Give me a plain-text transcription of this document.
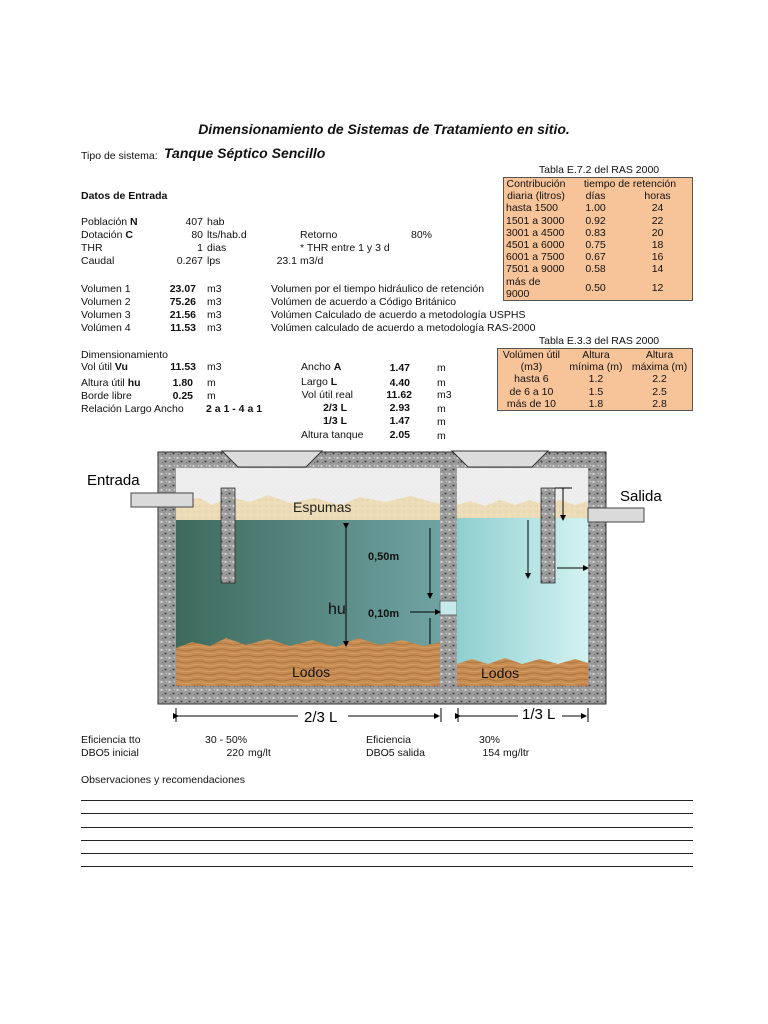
Dimensionamiento de Sistemas de Tratamiento en sitio.
Tipo de sistema: Tanque Séptico Sencillo
Datos de Entrada
Población N	407 hab
Dotación C	80 lts/hab.d	Retorno	80%
THR	1 dias	* THR entre 1 y 3 d
Caudal	0.267 lps	23.1 m3/d
Volumen 1	23.07 m3	Volumen por el tiempo hidráulico de retención
Volumen 2	75.26 m3	Volúmen de acuerdo a Código Británico
Volumen 3	21.56 m3	Volúmen Calculado de acuerdo a metodología USPHS
Volúmen 4	11.53 m3	Volúmen calculado de acuerdo a metodología RAS-2000
Dimensionamiento
Vol útil Vu	11.53 m3
Altura útil hu	1.80 m
Borde libre	0.25 m
Relación Largo Ancho 2 a 1 - 4 a 1
Ancho A	1.47	m
Largo L	4.40	m
Vol útil real	11.62 m3
2/3 L	2.93	m
1/3 L	1.47	m
Altura tanque	2.05	m
Tabla E.7.2 del RAS 2000
Contribución	tiempo de retención	
diaria (litros)	días	horas
hasta 1500	1.00	24
1501 a 3000	0.92	22
3001 a 4500	0.83	20
4501 a 6000	0.75	18
6001 a 7500	0.67	16
7501 a 9000	0.58	14
más de 9000	0.50	12
Tabla E.3.3 del RAS 2000
Volúmen útil	Altura	Altura
(m3)	mínima (m)	máxima (m)
hasta 6	1.2	2.2
de 6 a 10	1.5	2.5
más de 10	1.8	2.8
Entrada
Salida
Espumas
hu
0,50m
0,10m
Lodos	Lodos
2/3 L	1/3 L
Eficiencia tto	30 - 50%
DBO5 inicial	220 mg/lt
Eficiencia	30%
DBO5 salida	154 mg/ltr
Observaciones y recomendaciones
